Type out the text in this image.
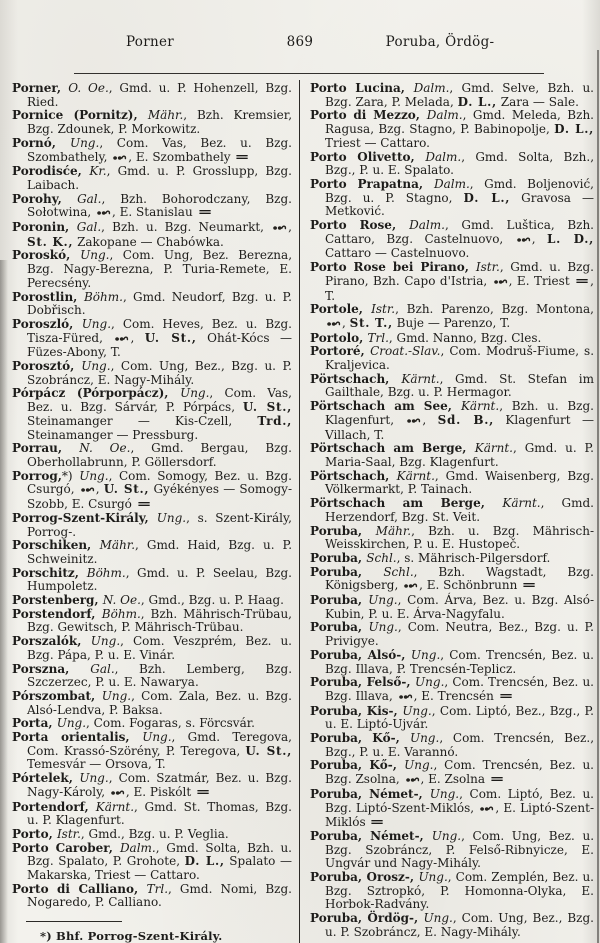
Porner	869	Poruba, Ördög-

Porner, O. Oe., Gmd. u. P. Hohenzell, Bzg. Ried.

Pornice (Pornitz), Mähr., Bzh. Kremsier, Bzg. Zdounek, P. Morkowitz.

Pornó, Ung., Com. Vas, Bez. u. Bzg. Szombathely, , E. Szombathely =

Porodisće, Kr., Gmd. u. P. Grosslupp, Bzg. Laibach.

Porohy, Gal., Bzh. Bohorodczany, Bzg. Sołotwina, , E. Stanislau =

Poronin, Gal., Bzh. u. Bzg. Neumarkt, , St. K., Zakopane — Chabówka.

Poroskó, Ung., Com. Ung, Bez. Berezna, Bzg. Nagy-Berezna, P. Turia-Remete, E. Perecsény.

Porostlin, Böhm., Gmd. Neudorf, Bzg. u. P. Dobřisch.

Poroszló, Ung., Com. Heves, Bez. u. Bzg. Tisza-Füred, , U. St., Ohát-Kócs — Füzes-Abony, T.

Porosztó, Ung., Com. Ung, Bez., Bzg. u. P. Szobráncz, E. Nagy-Mihály.

Pórpácz (Pórporpácz), Ung., Com. Vas, Bez. u. Bzg. Sárvár, P. Pórpács, U. St., Steinamanger — Kis-Czell, Trd., Steinamanger — Pressburg.

Porrau, N. Oe., Gmd. Bergau, Bzg. Oberhollabrunn, P. Göllersdorf.

Porrog,*) Ung., Com. Somogy, Bez. u. Bzg. Csurgó, , U. St., Gyékényes — Somogy-Szobb, E. Csurgó =

Porrog-Szent-Király, Ung., s. Szent-Király, Porrog-.

Porschiken, Mähr., Gmd. Haid, Bzg. u. P. Schweinitz.

Porschitz, Böhm., Gmd. u. P. Seelau, Bzg. Humpoletz.

Porstenberg, N. Oe., Gmd., Bzg. u. P. Haag.

Porstendorf, Böhm., Bzh. Mährisch-Trübau, Bzg. Gewitsch, P. Mährisch-Trübau.

Porszalók, Ung., Com. Veszprém, Bez. u. Bzg. Pápa, P. u. E. Vinár.

Porszna, Gal., Bzh. Lemberg, Bzg. Szczerzec, P. u. E. Nawarya.

Pórszombat, Ung., Com. Zala, Bez. u. Bzg. Alsó-Lendva, P. Baksa.

Porta, Ung., Com. Fogaras, s. Förcsvár.

Porta orientalis, Ung., Gmd. Teregova, Com. Krassó-Szörény, P. Teregova, U. St., Temesvár — Orsova, T.

Pórtelek, Ung., Com. Szatmár, Bez. u. Bzg. Nagy-Károly, , E. Piskólt =

Portendorf, Kärnt., Gmd. St. Thomas, Bzg. u. P. Klagenfurt.

Porto, Istr., Gmd., Bzg. u. P. Veglia.

Porto Carober, Dalm., Gmd. Solta, Bzh. u. Bzg. Spalato, P. Grohote, D. L., Spalato — Makarska, Triest — Cattaro.

Porto di Calliano, Trl., Gmd. Nomi, Bzg. Nogaredo, P. Calliano.

*) Bhf. Porrog-Szent-Király.

Porto Lucina, Dalm., Gmd. Selve, Bzh. u. Bzg. Zara, P. Melada, D. L., Zara — Sale.

Porto di Mezzo, Dalm., Gmd. Meleda, Bzh. Ragusa, Bzg. Stagno, P. Babinopolje, D. L., Triest — Cattaro.

Porto Olivetto, Dalm., Gmd. Solta, Bzh., Bzg., P. u. E. Spalato.

Porto Prapatna, Dalm., Gmd. Boljenović, Bzg. u. P. Stagno, D. L., Gravosa — Metković.

Porto Rose, Dalm., Gmd. Luštica, Bzh. Cattaro, Bzg. Castelnuovo, , L. D., Cattaro — Castelnuovo.

Porto Rose bei Pirano, Istr., Gmd. u. Bzg. Pirano, Bzh. Capo d'Istria, , E. Triest =, T.

Portole, Istr., Bzh. Parenzo, Bzg. Montona, , St. T., Buje — Parenzo, T.

Portolo, Trl., Gmd. Nanno, Bzg. Cles.

Portoré, Croat.-Slav., Com. Modruš-Fiume, s. Kraljevica.

Pörtschach, Kärnt., Gmd. St. Stefan im Gailthale, Bzg. u. P. Hermagor.

Pörtschach am See, Kärnt., Bzh. u. Bzg. Klagenfurt, , Sd. B., Klagenfurt — Villach, T.

Pörtschach am Berge, Kärnt., Gmd. u. P. Maria-Saal, Bzg. Klagenfurt.

Pörtschach, Kärnt., Gmd. Waisenberg, Bzg. Völkermarkt, P. Tainach.

Pörtschach am Berge, Kärnt., Gmd. Herzendorf, Bzg. St. Veit.

Poruba, Mähr., Bzh. u. Bzg. Mährisch-Weisskirchen, P. u. E. Hustopeč.

Poruba, Schl., s. Mährisch-Pilgersdorf.

Poruba, Schl., Bzh. Wagstadt, Bzg. Königsberg, , E. Schönbrunn =

Poruba, Ung., Com. Árva, Bez. u. Bzg. Alsó-Kubin, P. u. E. Árva-Nagyfalu.

Poruba, Ung., Com. Neutra, Bez., Bzg. u. P. Privigye.

Poruba, Alsó-, Ung., Com. Trencsén, Bez. u. Bzg. Illava, P. Trencsén-Teplicz.

Poruba, Felső-, Ung., Com. Trencsén, Bez. u. Bzg. Illava, , E. Trencsén =

Poruba, Kis-, Ung., Com. Liptó, Bez., Bzg., P. u. E. Liptó-Ujvár.

Poruba, Kő-, Ung., Com. Trencsén, Bez., Bzg., P. u. E. Varannó.

Poruba, Kő-, Ung., Com. Trencsén, Bez. u. Bzg. Zsolna, , E. Zsolna =

Poruba, Német-, Ung., Com. Liptó, Bez. u. Bzg. Liptó-Szent-Miklós, , E. Liptó-Szent-Miklós =

Poruba, Német-, Ung., Com. Ung, Bez. u. Bzg. Szobráncz, P. Felső-Ribnyicze, E. Ungvár und Nagy-Mihály.

Poruba, Orosz-, Ung., Com. Zemplén, Bez. u. Bzg. Sztropkó, P. Homonna-Olyka, E. Horbok-Radvány.

Poruba, Ördög-, Ung., Com. Ung, Bez., Bzg. u. P. Szobráncz, E. Nagy-Mihály.
